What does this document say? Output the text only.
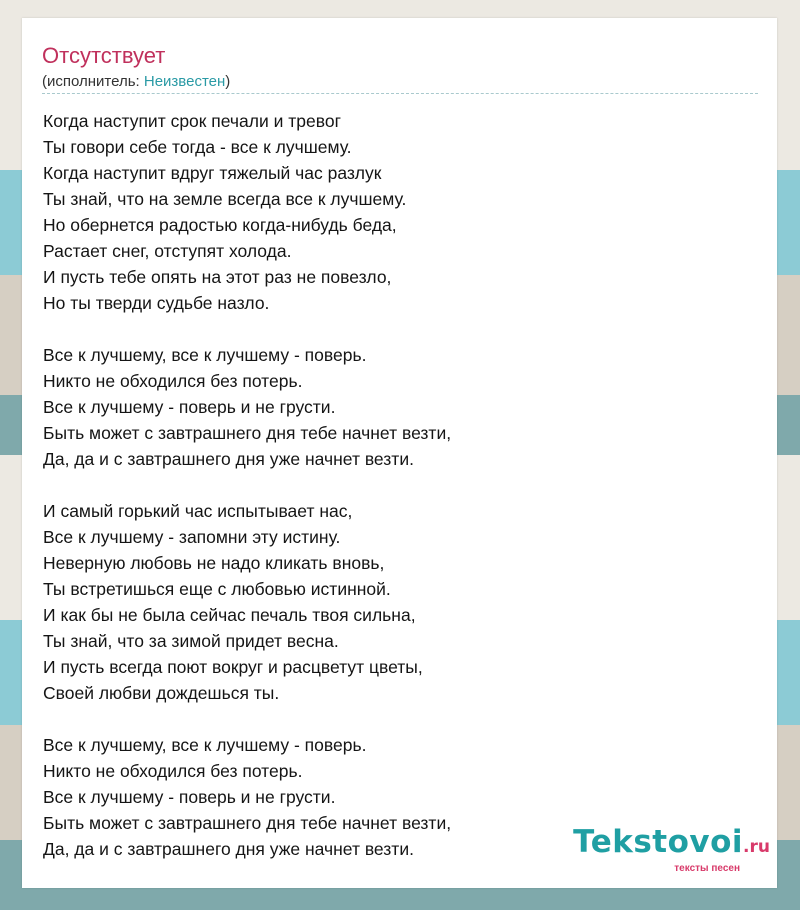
Отсутствует
(исполнитель: Неизвестен)
Когда наступит срок печали и тревог
Ты говори себе тогда - все к лучшему.
Когда наступит вдруг тяжелый час разлук
Ты знай, что на земле всегда все к лучшему.
Но обернется радостью когда-нибудь беда,
Растает снег, отступят холода.
И пусть тебе опять на этот раз не повезло,
Но ты тверди судьбе назло.
Все к лучшему, все к лучшему - поверь.
Никто не обходился без потерь.
Все к лучшему - поверь и не грусти.
Быть может с завтрашнего дня тебе начнет везти,
Да, да и с завтрашнего дня уже начнет везти.
И самый горький час испытывает нас,
Все к лучшему - запомни эту истину.
Неверную любовь не надо кликать вновь,
Ты встретишься еще с любовью истинной.
И как бы не была сейчас печаль твоя сильна,
Ты знай, что за зимой придет весна.
И пусть всегда поют вокруг и расцветут цветы,
Своей любви дождешься ты.
Все к лучшему, все к лучшему - поверь.
Никто не обходился без потерь.
Все к лучшему - поверь и не грусти.
Быть может с завтрашнего дня тебе начнет везти,
Да, да и с завтрашнего дня уже начнет везти.	Tekstovoi.ru
тексты песен
